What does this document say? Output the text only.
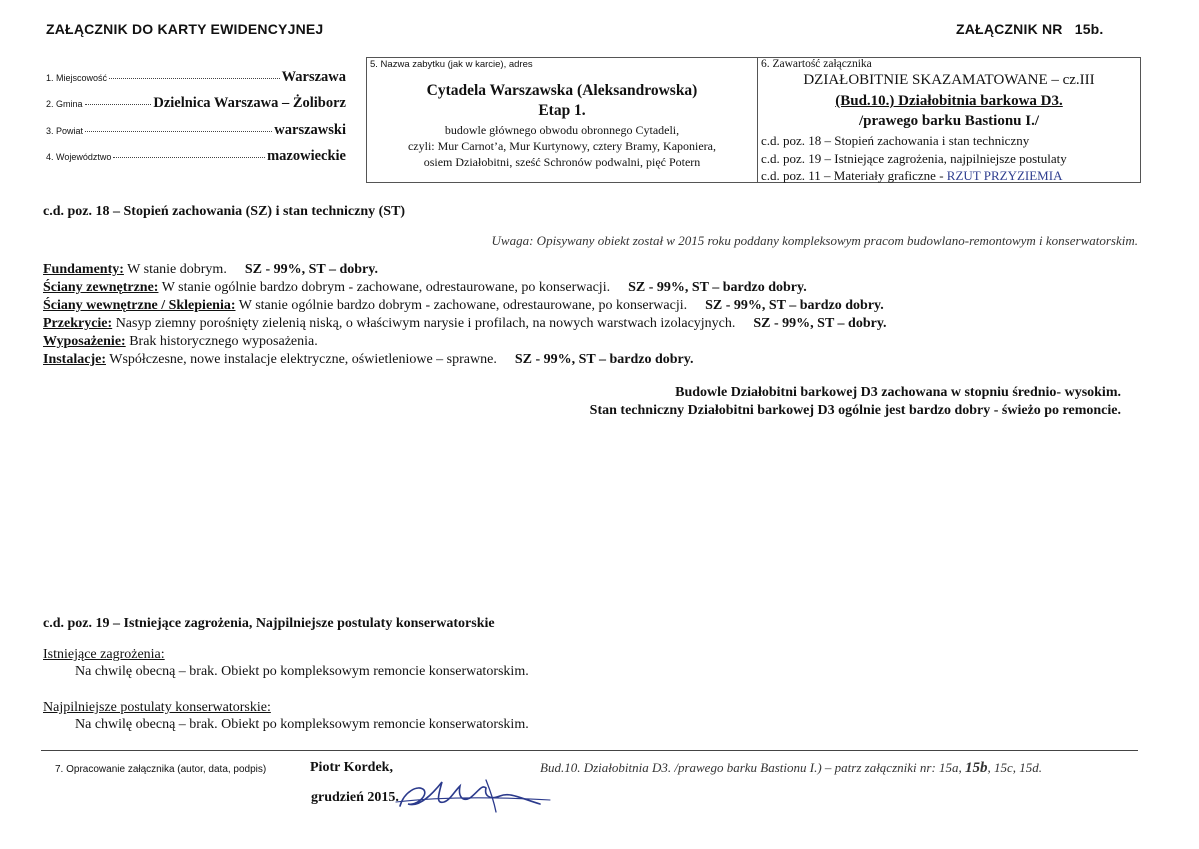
ZAŁĄCZNIK DO KARTY EWIDENCYJNEJ	ZAŁĄCZNIK NR 15b.
1. Miejscowość	Warszawa
2. Gmina	Dzielnica Warszawa – Żoliborz
3. Powiat	warszawski
4. Województwo	mazowieckie
5. Nazwa zabytku (jak w karcie), adres
Cytadela Warszawska (Aleksandrowska)
Etap 1.
budowle głównego obwodu obronnego Cytadeli,
czyli: Mur Carnot’a, Mur Kurtynowy, cztery Bramy, Kaponiera,
osiem Działobitni, sześć Schronów podwalni, pięć Potern
6. Zawartość załącznika
DZIAŁOBITNIE SKAZAMATOWANE – cz.III
(Bud.10.) Działobitnia barkowa D3.
/prawego barku Bastionu I./
c.d. poz. 18 – Stopień zachowania i stan techniczny
c.d. poz. 19 – Istniejące zagrożenia, najpilniejsze postulaty
c.d. poz. 11 – Materiały graficzne - RZUT PRZYZIEMIA
c.d. poz. 18 – Stopień zachowania (SZ) i stan techniczny (ST)
Uwaga: Opisywany obiekt został w 2015 roku poddany kompleksowym pracom budowlano-remontowym i konserwatorskim.
Fundamenty: W stanie dobrym. SZ - 99%, ST – dobry.
Ściany zewnętrzne: W stanie ogólnie bardzo dobrym - zachowane, odrestaurowane, po konserwacji. SZ - 99%, ST – bardzo dobry.
Ściany wewnętrzne / Sklepienia: W stanie ogólnie bardzo dobrym - zachowane, odrestaurowane, po konserwacji. SZ - 99%, ST – bardzo dobry.
Przekrycie: Nasyp ziemny porośnięty zielenią niską, o właściwym narysie i profilach, na nowych warstwach izolacyjnych. SZ - 99%, ST – dobry.
Wyposażenie: Brak historycznego wyposażenia.
Instalacje: Współczesne, nowe instalacje elektryczne, oświetleniowe – sprawne. SZ - 99%, ST – bardzo dobry.
Budowle Działobitni barkowej D3 zachowana w stopniu średnio- wysokim.
Stan techniczny Działobitni barkowej D3 ogólnie jest bardzo dobry - świeżo po remoncie.
c.d. poz. 19 – Istniejące zagrożenia, Najpilniejsze postulaty konserwatorskie
Istniejące zagrożenia:
Na chwilę obecną – brak. Obiekt po kompleksowym remoncie konserwatorskim.
Najpilniejsze postulaty konserwatorskie:
Na chwilę obecną – brak. Obiekt po kompleksowym remoncie konserwatorskim.
7. Opracowanie załącznika (autor, data, podpis)	Piotr Kordek,
grudzień 2015.
Bud.10. Działobitnia D3. /prawego barku Bastionu I.) – patrz załączniki nr: 15a, 15b, 15c, 15d.
